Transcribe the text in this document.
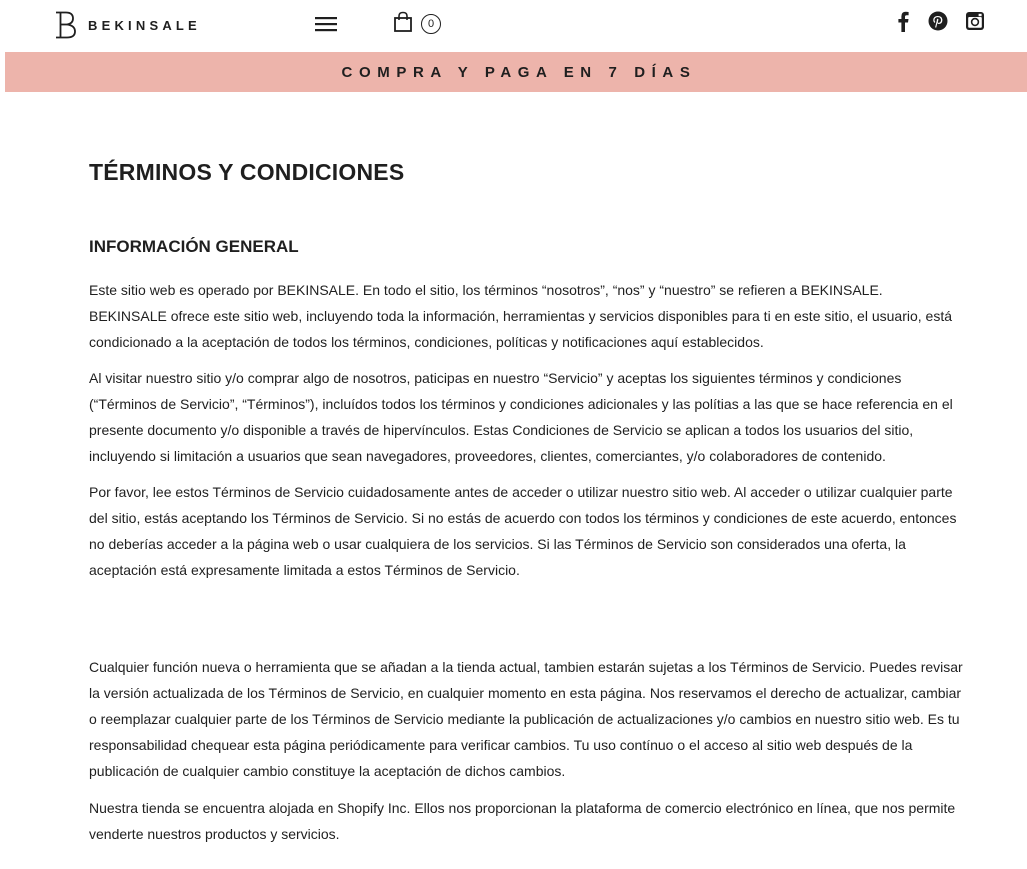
BEKINSALE	0
COMPRA Y PAGA EN 7 DÍAS
TÉRMINOS Y CONDICIONES
INFORMACIÓN GENERAL

Este sitio web es operado por BEKINSALE. En todo el sitio, los términos “nosotros”, “nos” y “nuestro” se refieren a BEKINSALE. BEKINSALE ofrece este sitio web, incluyendo toda la información, herramientas y servicios disponibles para ti en este sitio, el usuario, está condicionado a la aceptación de todos los términos, condiciones, políticas y notificaciones aquí establecidos.

Al visitar nuestro sitio y/o comprar algo de nosotros, paticipas en nuestro “Servicio” y aceptas los siguientes términos y condiciones (“Términos de Servicio”, “Términos”), incluídos todos los términos y condiciones adicionales y las polítias a las que se hace referencia en el presente documento y/o disponible a través de hipervínculos. Estas Condiciones de Servicio se aplican a todos los usuarios del sitio, incluyendo si limitación a usuarios que sean navegadores, proveedores, clientes, comerciantes, y/o colaboradores de contenido.

Por favor, lee estos Términos de Servicio cuidadosamente antes de acceder o utilizar nuestro sitio web. Al acceder o utilizar cualquier parte del sitio, estás aceptando los Términos de Servicio. Si no estás de acuerdo con todos los términos y condiciones de este acuerdo, entonces no deberías acceder a la página web o usar cualquiera de los servicios. Si las Términos de Servicio son considerados una oferta, la aceptación está expresamente limitada a estos Términos de Servicio.

Cualquier función nueva o herramienta que se añadan a la tienda actual, tambien estarán sujetas a los Términos de Servicio. Puedes revisar la versión actualizada de los Términos de Servicio, en cualquier momento en esta página. Nos reservamos el derecho de actualizar, cambiar o reemplazar cualquier parte de los Términos de Servicio mediante la publicación de actualizaciones y/o cambios en nuestro sitio web. Es tu responsabilidad chequear esta página periódicamente para verificar cambios. Tu uso contínuo o el acceso al sitio web después de la publicación de cualquier cambio constituye la aceptación de dichos cambios.

Nuestra tienda se encuentra alojada en Shopify Inc. Ellos nos proporcionan la plataforma de comercio electrónico en línea, que nos permite venderte nuestros productos y servicios.
